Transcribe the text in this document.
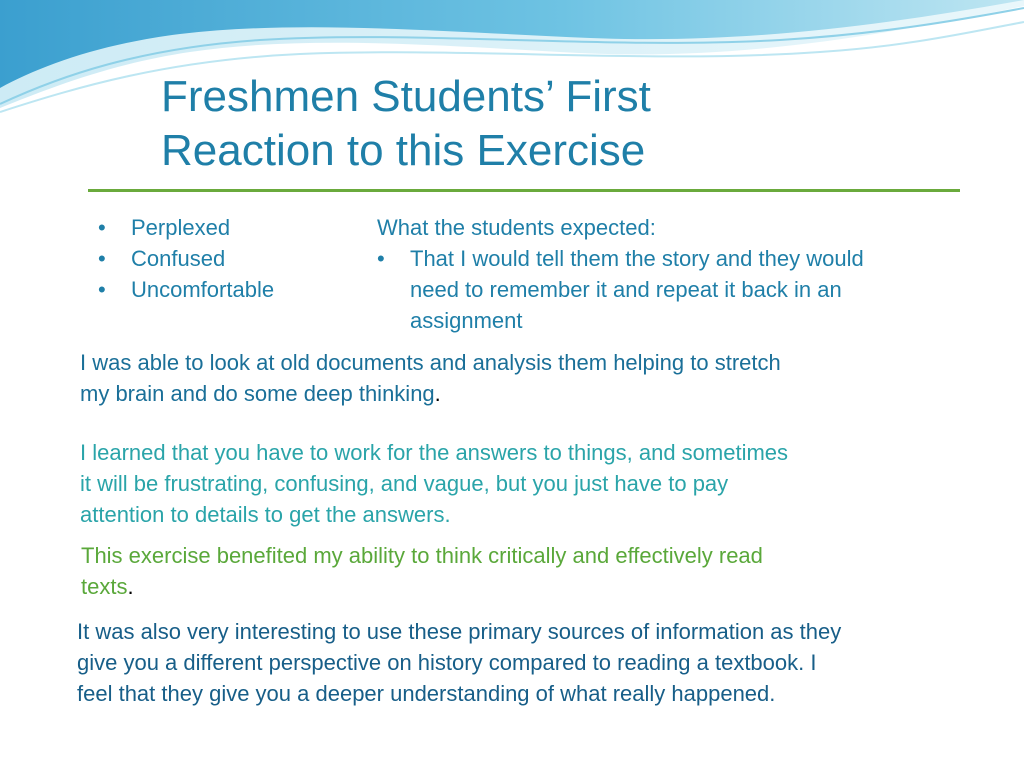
Freshmen Students’ First
Reaction to this Exercise
• Perplexed
• Confused
• Uncomfortable
What the students expected:
• That I would tell them the story and they would
need to remember it and repeat it back in an
assignment

I was able to look at old documents and analysis them helping to stretch
my brain and do some deep thinking.

I learned that you have to work for the answers to things, and sometimes
it will be frustrating, confusing, and vague, but you just have to pay
attention to details to get the answers.

This exercise benefited my ability to think critically and effectively read
texts.

It was also very interesting to use these primary sources of information as they
give you a different perspective on history compared to reading a textbook. I
feel that they give you a deeper understanding of what really happened.
